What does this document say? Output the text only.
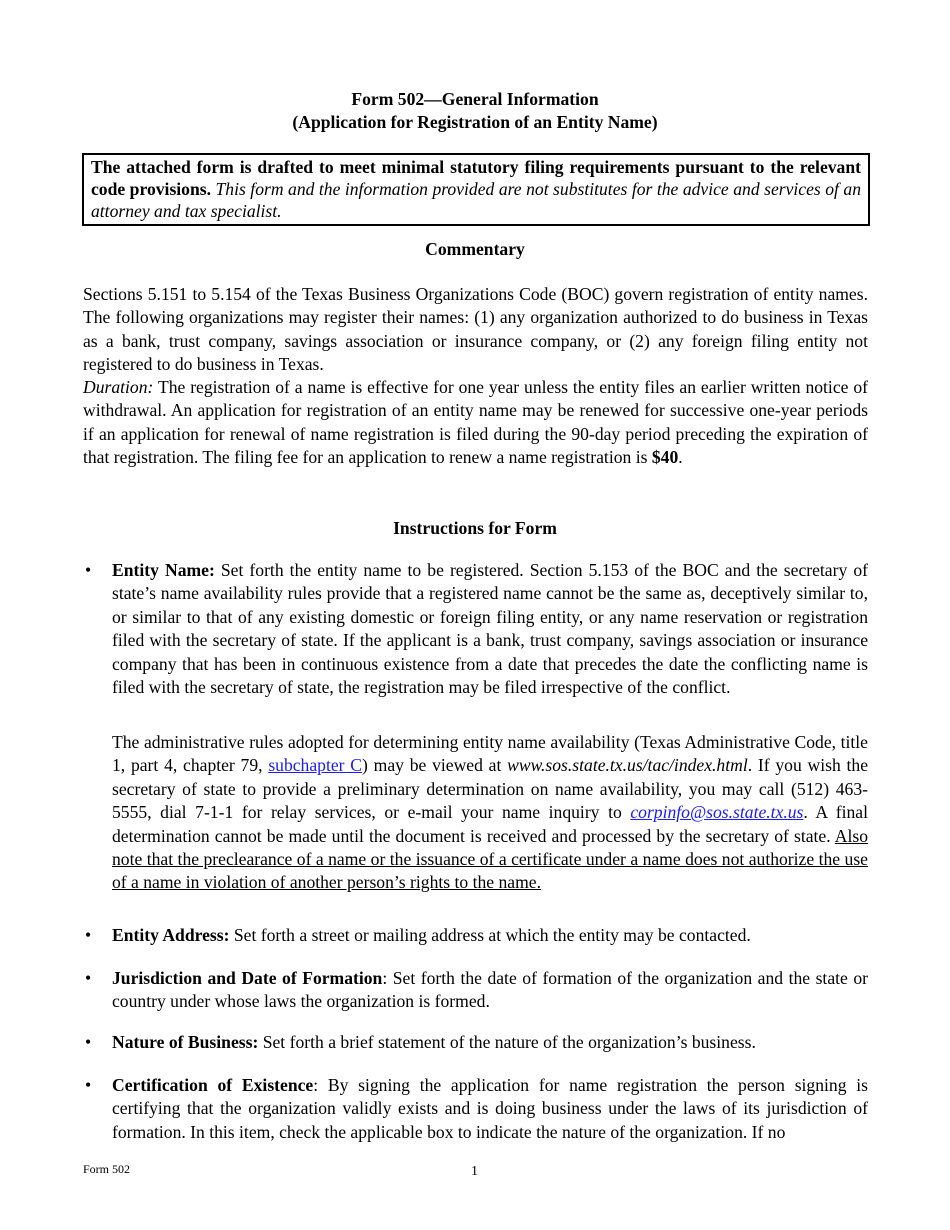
Form 502—General Information
(Application for Registration of an Entity Name)
The attached form is drafted to meet minimal statutory filing requirements pursuant to the relevant code provisions. This form and the information provided are not substitutes for the advice and services of an attorney and tax specialist.
Commentary
Sections 5.151 to 5.154 of the Texas Business Organizations Code (BOC) govern registration of entity names. The following organizations may register their names: (1) any organization authorized to do business in Texas as a bank, trust company, savings association or insurance company, or (2) any foreign filing entity not registered to do business in Texas.
Duration: The registration of a name is effective for one year unless the entity files an earlier written notice of withdrawal. An application for registration of an entity name may be renewed for successive one-year periods if an application for renewal of name registration is filed during the 90-day period preceding the expiration of that registration. The filing fee for an application to renew a name registration is $40.
Instructions for Form
• Entity Name: Set forth the entity name to be registered. Section 5.153 of the BOC and the secretary of state’s name availability rules provide that a registered name cannot be the same as, deceptively similar to, or similar to that of any existing domestic or foreign filing entity, or any name reservation or registration filed with the secretary of state. If the applicant is a bank, trust company, savings association or insurance company that has been in continuous existence from a date that precedes the date the conflicting name is filed with the secretary of state, the registration may be filed irrespective of the conflict.
The administrative rules adopted for determining entity name availability (Texas Administrative Code, title 1, part 4, chapter 79, subchapter C) may be viewed at www.sos.state.tx.us/tac/index.html. If you wish the secretary of state to provide a preliminary determination on name availability, you may call (512) 463-5555, dial 7-1-1 for relay services, or e-mail your name inquiry to corpinfo@sos.state.tx.us. A final determination cannot be made until the document is received and processed by the secretary of state. Also note that the preclearance of a name or the issuance of a certificate under a name does not authorize the use of a name in violation of another person’s rights to the name.
• Entity Address: Set forth a street or mailing address at which the entity may be contacted.
• Jurisdiction and Date of Formation: Set forth the date of formation of the organization and the state or country under whose laws the organization is formed.
• Nature of Business: Set forth a brief statement of the nature of the organization’s business.
• Certification of Existence: By signing the application for name registration the person signing is certifying that the organization validly exists and is doing business under the laws of its jurisdiction of formation. In this item, check the applicable box to indicate the nature of the organization. If no
Form 502	1
